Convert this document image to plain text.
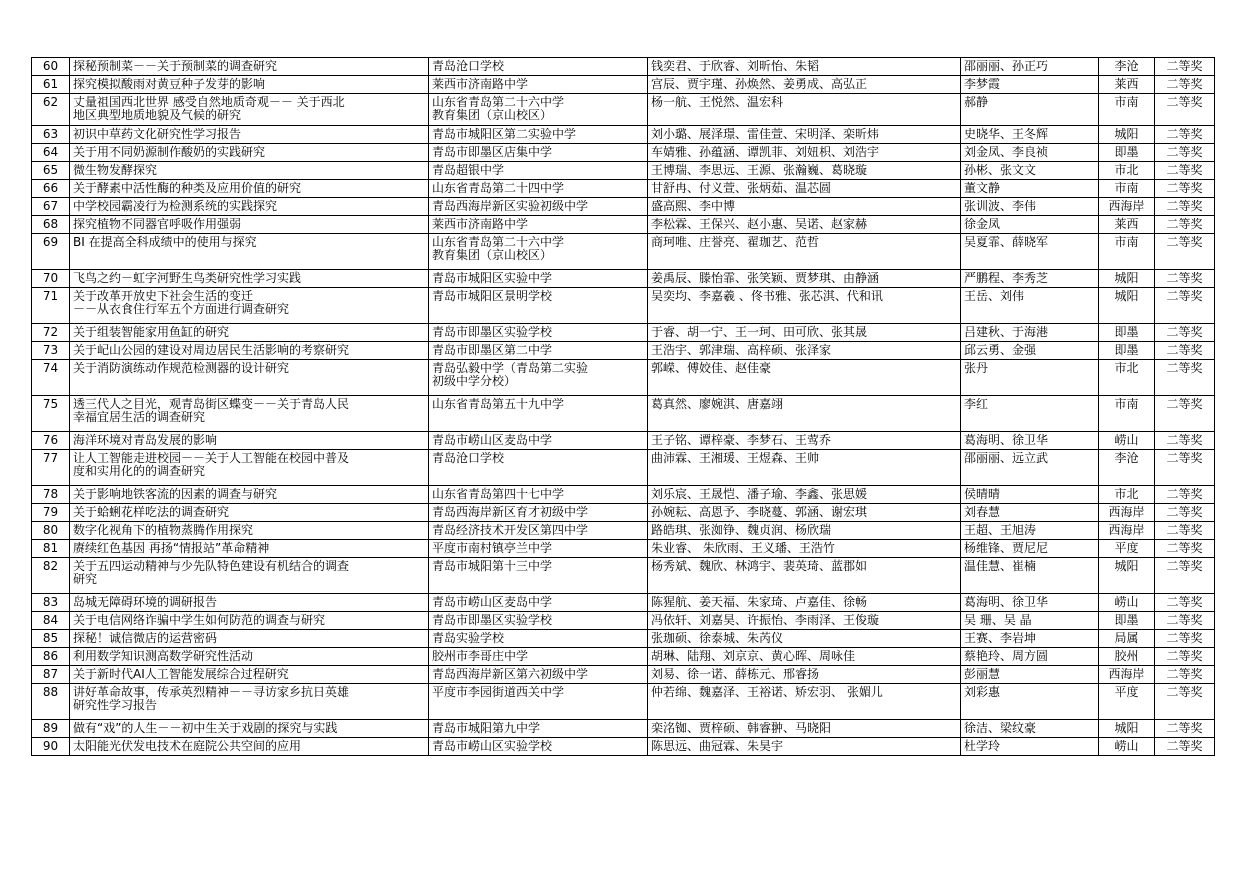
60	探秘预制菜－－关于预制菜的调查研究	青岛沧口学校	钱奕君、于欣睿、刘昕怡、朱韬	邵丽丽、孙正巧	李沧	二等奖
61	探究模拟酸雨对黄豆种子发芽的影响	莱西市济南路中学	宫辰、贾宇瑾、孙焕然、姜勇成、高弘正	李梦霞	莱西	二等奖
62	丈量祖国西北世界 感受自然地质奇观－－ 关于西北
地区典型地质地貌及气候的研究	山东省青岛第二十六中学
教育集团（京山校区）	杨一航、王悦然、温宏科	郝静	市南	二等奖
63	初识中草药文化研究性学习报告	青岛市城阳区第二实验中学	刘小璐、展泽璟、雷佳萱、宋明泽、栾昕炜	史晓华、王冬辉	城阳	二等奖
64	关于用不同奶源制作酸奶的实践研究	青岛市即墨区店集中学	车婧雅、孙蕴涵、谭凯菲、刘妞枳、刘浩宇	刘金凤、李良祯	即墨	二等奖
65	微生物发酵探究	青岛超银中学	王博瑞、李思远、王源、张瀚巍、葛晓璇	孙彬、张文文	市北	二等奖
66	关于酵素中活性酶的种类及应用价值的研究	山东省青岛第二十四中学	甘舒冉、付义萱、张炳茹、温芯圆	董文静	市南	二等奖
67	中学校园霸凌行为检测系统的实践探究	青岛西海岸新区实验初级中学	盛高熙、李中博	张训波、李伟	西海岸	二等奖
68	探究植物不同器官呼吸作用强弱	莱西市济南路中学	李松霖、王保兴、赵小惠、吴诺、赵家赫	徐金凤	莱西	二等奖
69	BI 在提高全科成绩中的使用与探究	山东省青岛第二十六中学
教育集团（京山校区）	商珂唯、庄誉亮、翟珈艺、范哲	吴夏霏、薛晓军	市南	二等奖
70	飞鸟之约－虹字河野生鸟类研究性学习实践	青岛市城阳区实验中学	姜禹辰、滕怡霏、张笑颖、贾梦琪、由静涵	严鹏程、李秀芝	城阳	二等奖
71	关于改革开放史下社会生活的变迁
－－从衣食住行军五个方面进行调查研究	青岛市城阳区景明学校	吴奕均、李嘉羲 、佟书雅、张芯淇、代和讯	王岳、刘伟	城阳	二等奖
72	关于组装智能家用鱼缸的研究	青岛市即墨区实验学校	于睿、胡一宁、王一珂、田可欣、张其晟	吕建秋、于海港	即墨	二等奖
73	关于屺山公园的建设对周边居民生活影响的考察研究	青岛市即墨区第二中学	王浩宇、郭津瑞、高梓硕、张泽家	邱云勇、金强	即墨	二等奖
74	关于消防演练动作规范检测器的设计研究	青岛弘毅中学（青岛第二实验
初级中学分校）	郭嵘、傅姣佳、赵佳豪	张丹	市北	二等奖
75	透三代人之目光，观青岛街区蝶变－－关于青岛人民
幸福宜居生活的调查研究	山东省青岛第五十九中学	葛真然、廖婉淇、唐嘉翊	李红	市南	二等奖
76	海洋环境对青岛发展的影响	青岛市崂山区麦岛中学	王子铭、谭梓豪、李梦石、王莺乔	葛海明、徐卫华	崂山	二等奖
77	让人工智能走进校园－－关于人工智能在校园中普及
度和实用化的的调查研究	青岛沧口学校	曲沛霖、王湘瑗、王煜森、王帅	邵丽丽、远立武	李沧	二等奖
78	关于影响地铁客流的因素的调查与研究	山东省青岛第四十七中学	刘乐宸、王晟恺、潘子瑜、李鑫、张思媛	侯晴晴	市北	二等奖
79	关于蛤蜊花样吃法的调查研究	青岛西海岸新区育才初级中学	孙婉耘、高恩予、李晓蔓、郭涵、谢宏琪	刘春慧	西海岸	二等奖
80	数字化视角下的植物蒸腾作用探究	青岛经济技术开发区第四中学	路皓琪、张洳铮、魏贞润、杨欣瑞	王超、王旭涛	西海岸	二等奖
81	赓续红色基因 再扬“情报站”革命精神	平度市南村镇亭兰中学	朱业睿、 朱欣雨、王义璠、王浩竹	杨维锋、贾尼尼	平度	二等奖
82	关于五四运动精神与少先队特色建设有机结合的调查
研究	青岛市城阳第十三中学	杨秀斌、魏欣、林鸿宇、裴英琦、蓝郡如	温佳慧、崔楠	城阳	二等奖
83	岛城无障碍环境的调研报告	青岛市崂山区麦岛中学	陈猩航、姜天福、朱家琦、卢嘉佳、徐畅	葛海明、徐卫华	崂山	二等奖
84	关于电信网络诈骗中学生如何防范的调查与研究	青岛市即墨区实验学校	冯依轩、刘嘉昊、许振怡、李雨泽、王俊璇	吴 珊、吴 晶	即墨	二等奖
85	探秘！诚信微店的运营密码	青岛实验学校	张珈硕、徐泰城、朱芮仪	王赛、李岩坤	局属	二等奖
86	利用数学知识测高数学研究性活动	胶州市李哥庄中学	胡琳、陆翔、刘京京、黄心晖、周咏佳	蔡艳玲、周方圆	胶州	二等奖
87	关于新时代AI人工智能发展综合过程研究	青岛西海岸新区第六初级中学	刘易、徐一诺、薛栋元、邢睿扬	彭丽慧	西海岸	二等奖
88	讲好革命故事，传承英烈精神－－寻访家乡抗日英雄
研究性学习报告	平度市李园街道西关中学	仲若绵、魏嘉泽、王裕诺、矫宏羽、 张媚儿	刘彩惠	平度	二等奖
89	做有“戏”的人生－－初中生关于戏剧的探究与实践	青岛市城阳第九中学	栾洺铷、贾梓硕、韩睿翀、马晓阳	徐洁、梁纹豪	城阳	二等奖
90	太阳能光伏发电技术在庭院公共空间的应用	青岛市崂山区实验学校	陈思远、曲冠霖、朱昊宇	杜学玲	崂山	二等奖
